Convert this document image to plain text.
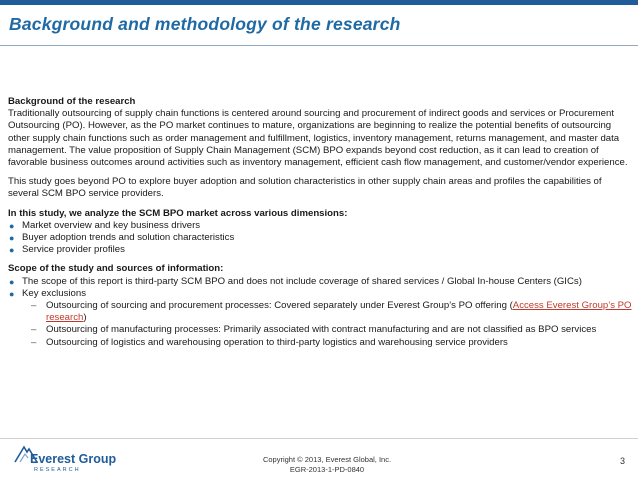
Background and methodology of the research

Background of the research

Traditionally outsourcing of supply chain functions is centered around sourcing and procurement of indirect goods and services or Procurement Outsourcing (PO). However, as the PO market continues to mature, organizations are beginning to realize the potential benefits of outsourcing other supply chain functions such as order management and fulfillment, logistics, inventory management, returns management, and master data management. The value proposition of Supply Chain Management (SCM) BPO expands beyond cost reduction, as it can lead to creation of favorable business outcomes around activities such as inventory management, efficient cash flow management, and customer/vendor experience.

This study goes beyond PO to explore buyer adoption and solution characteristics in other supply chain areas and profiles the capabilities of several SCM BPO service providers.

In this study, we analyze the SCM BPO market across various dimensions:

● Market overview and key business drivers
● Buyer adoption trends and solution characteristics
● Service provider profiles

Scope of the study and sources of information:

● The scope of this report is third-party SCM BPO and does not include coverage of shared services / Global In-house Centers (GICs)
● Key exclusions
– Outsourcing of sourcing and procurement processes: Covered separately under Everest Group’s PO offering (Access Everest Group’s PO research)
– Outsourcing of manufacturing processes: Primarily associated with contract manufacturing and are not classified as BPO services
– Outsourcing of logistics and warehousing operation to third-party logistics and warehousing service providers
Everest Group
RESEARCH
Copyright © 2013, Everest Global, Inc.
EGR-2013-1-PD-0840
3
